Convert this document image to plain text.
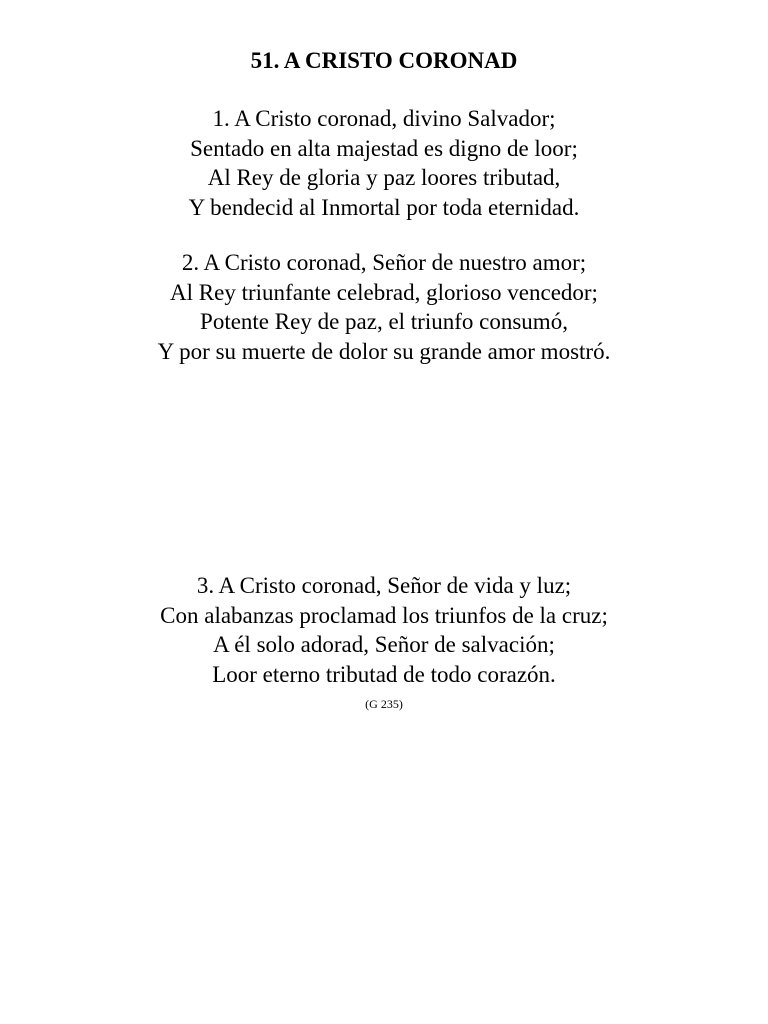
51. A CRISTO CORONAD

1. A Cristo coronad, divino Salvador;
Sentado en alta majestad es digno de loor;
Al Rey de gloria y paz loores tributad,
Y bendecid al Inmortal por toda eternidad.

2. A Cristo coronad, Señor de nuestro amor;
Al Rey triunfante celebrad, glorioso vencedor;
Potente Rey de paz, el triunfo consumó,
Y por su muerte de dolor su grande amor mostró.

3. A Cristo coronad, Señor de vida y luz;
Con alabanzas proclamad los triunfos de la cruz;
A él solo adorad, Señor de salvación;
Loor eterno tributad de todo corazón.

(G 235)
